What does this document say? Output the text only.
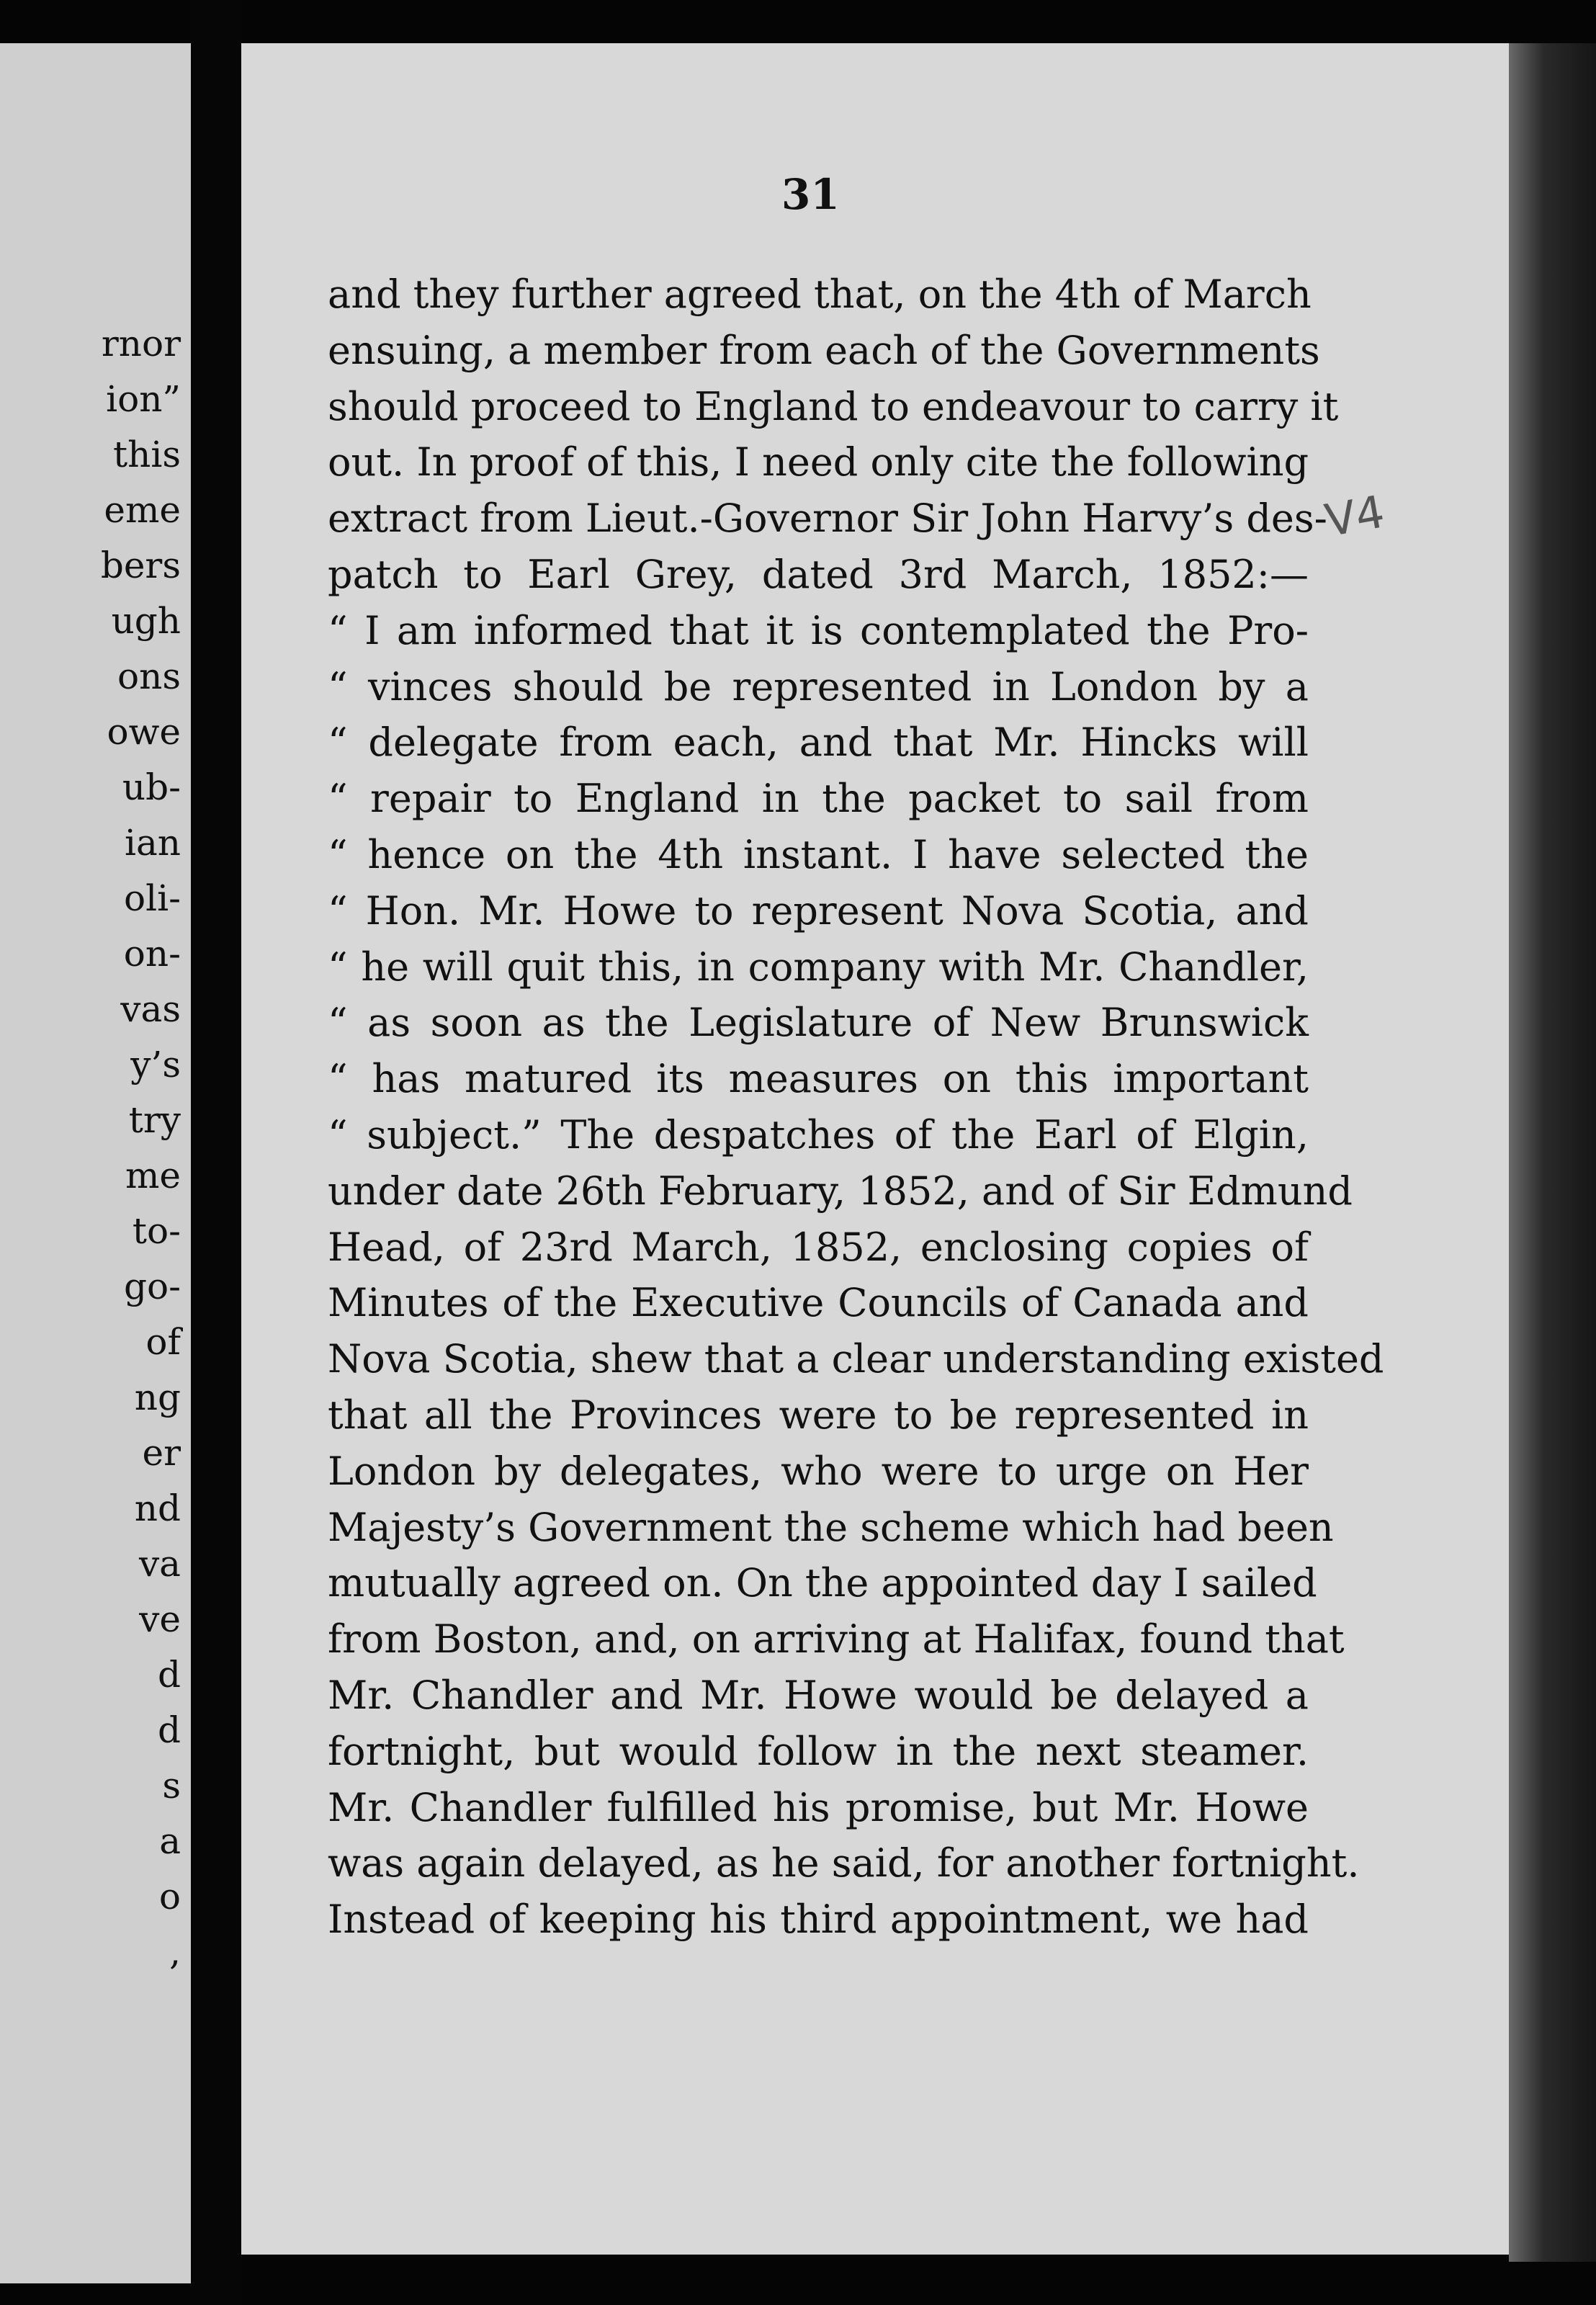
rnor
ion”
this
eme
bers
ugh
ons
owe
ub-
ian
oli-
on-
vas
y’s
try
me
to-
go-
of
ng
er
nd
va
ve
d
d
s
a
o
,
31
V4
and they further agreed that, on the 4th of March
ensuing, a member from each of the Governments
should proceed to England to endeavour to carry it
out. In proof of this, I need only cite the following
extract from Lieut.-Governor Sir John Harvy’s des-
patch to Earl Grey, dated 3rd March, 1852:—
“ I am informed that it is contemplated the Pro-
“ vinces should be represented in London by a
“ delegate from each, and that Mr. Hincks will
“ repair to England in the packet to sail from
“ hence on the 4th instant. I have selected the
“ Hon. Mr. Howe to represent Nova Scotia, and
“ he will quit this, in company with Mr. Chandler,
“ as soon as the Legislature of New Brunswick
“ has matured its measures on this important
“ subject.” The despatches of the Earl of Elgin,
under date 26th February, 1852, and of Sir Edmund
Head, of 23rd March, 1852, enclosing copies of
Minutes of the Executive Councils of Canada and
Nova Scotia, shew that a clear understanding existed
that all the Provinces were to be represented in
London by delegates, who were to urge on Her
Majesty’s Government the scheme which had been
mutually agreed on. On the appointed day I sailed
from Boston, and, on arriving at Halifax, found that
Mr. Chandler and Mr. Howe would be delayed a
fortnight, but would follow in the next steamer.
Mr. Chandler fulfilled his promise, but Mr. Howe
was again delayed, as he said, for another fortnight.
Instead of keeping his third appointment, we had
